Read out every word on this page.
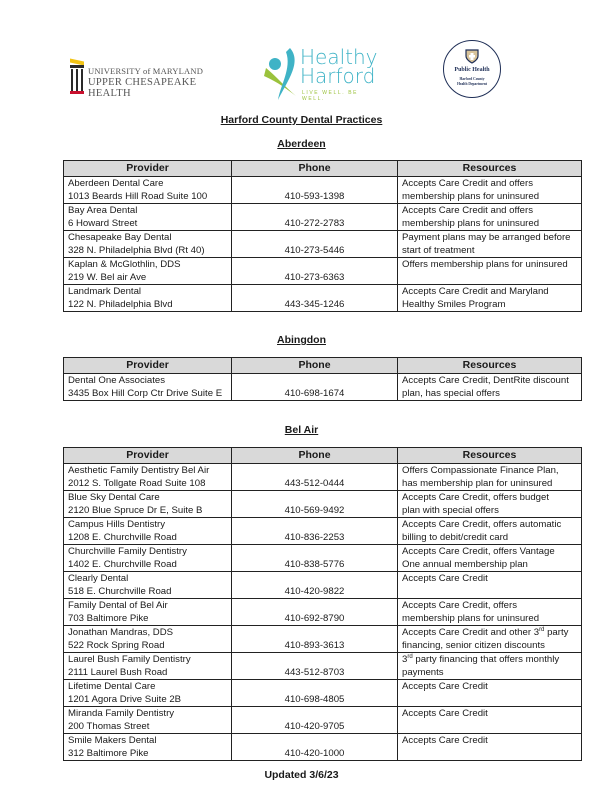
UNIVERSITY of MARYLAND
UPPER CHESAPEAKE HEALTH
Healthy
Harford
LIVE WELL. BE WELL.
Public Health
Harford County
Health Department
Harford County Dental Practices
Aberdeen
Provider	Phone	Resources

Aberdeen Dental Care
1013 Beards Hill Road Suite 100	410-593-1398	
Accepts Care Credit and offers
membership plans for uninsured

Bay Area Dental
6 Howard Street	410-272-2783	
Accepts Care Credit and offers
membership plans for uninsured

Chesapeake Bay Dental
328 N. Philadelphia Blvd (Rt 40)	410-273-5446	
Payment plans may be arranged before
start of treatment

Kaplan & McGlothlin, DDS
219 W. Bel air Ave	410-273-6363	Offers membership plans for uninsured

Landmark Dental
122 N. Philadelphia Blvd	443-345-1246	
Accepts Care Credit and Maryland
Healthy Smiles Program
Abingdon
Provider	Phone	Resources

Dental One Associates
3435 Box Hill Corp Ctr Drive Suite E	410-698-1674	
Accepts Care Credit, DentRite discount
plan, has special offers
Bel Air
Provider	Phone	Resources

Aesthetic Family Dentistry Bel Air
2012 S. Tollgate Road Suite 108	443-512-0444	
Offers Compassionate Finance Plan,
has membership plan for uninsured

Blue Sky Dental Care
2120 Blue Spruce Dr E, Suite B	410-569-9492	
Accepts Care Credit, offers budget
plan with special offers

Campus Hills Dentistry
1208 E. Churchville Road	410-836-2253	
Accepts Care Credit, offers automatic
billing to debit/credit card

Churchville Family Dentistry
1402 E. Churchville Road	410-838-5776	
Accepts Care Credit, offers Vantage
One annual membership plan

Clearly Dental
518 E. Churchville Road	410-420-9822	Accepts Care Credit

Family Dental of Bel Air
703 Baltimore Pike	410-692-8790	
Accepts Care Credit, offers
membership plans for uninsured

Jonathan Mandras, DDS
522 Rock Spring Road	410-893-3613	
Accepts Care Credit and other 3rd party
financing, senior citizen discounts

Laurel Bush Family Dentistry
2111 Laurel Bush Road	443-512-8703	
3rd party financing that offers monthly
payments

Lifetime Dental Care
1201 Agora Drive Suite 2B	410-698-4805	Accepts Care Credit

Miranda Family Dentistry
200 Thomas Street	410-420-9705	Accepts Care Credit

Smile Makers Dental
312 Baltimore Pike	410-420-1000	Accepts Care Credit

Updated 3/6/23
